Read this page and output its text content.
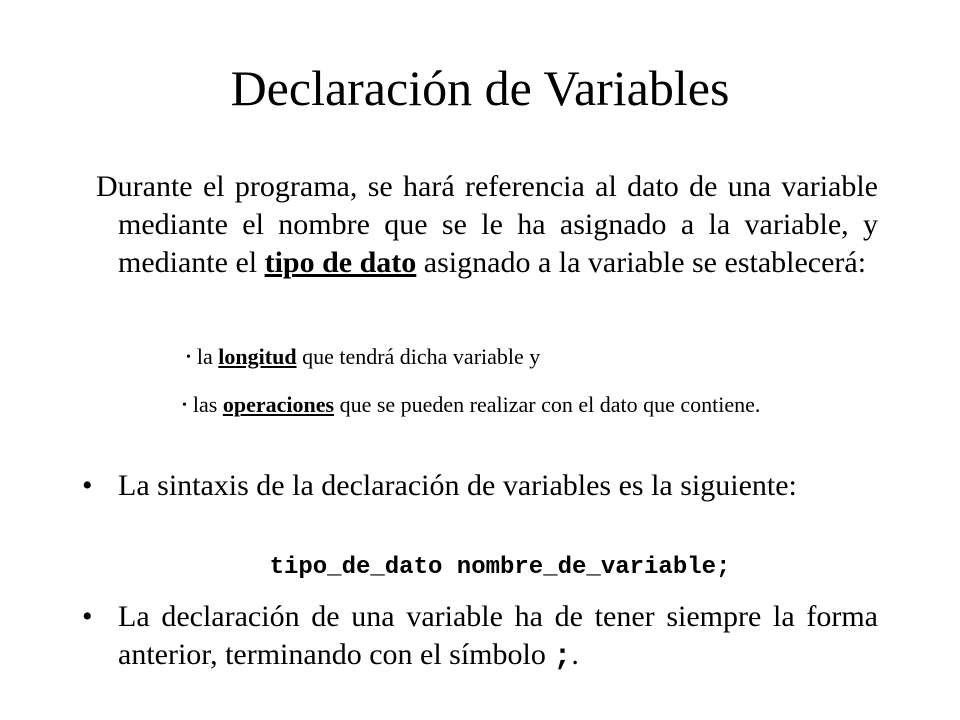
Declaración de Variables
Durante el programa, se hará referencia al dato de una variable mediante el nombre que se le ha asignado a la variable, y mediante el tipo de dato asignado a la variable se establecerá:
• la longitud que tendrá dicha variable y
• las operaciones que se pueden realizar con el dato que contiene.
• La sintaxis de la declaración de variables es la siguiente:
tipo_de_dato nombre_de_variable;
• La declaración de una variable ha de tener siempre la forma anterior, terminando con el símbolo ;.
